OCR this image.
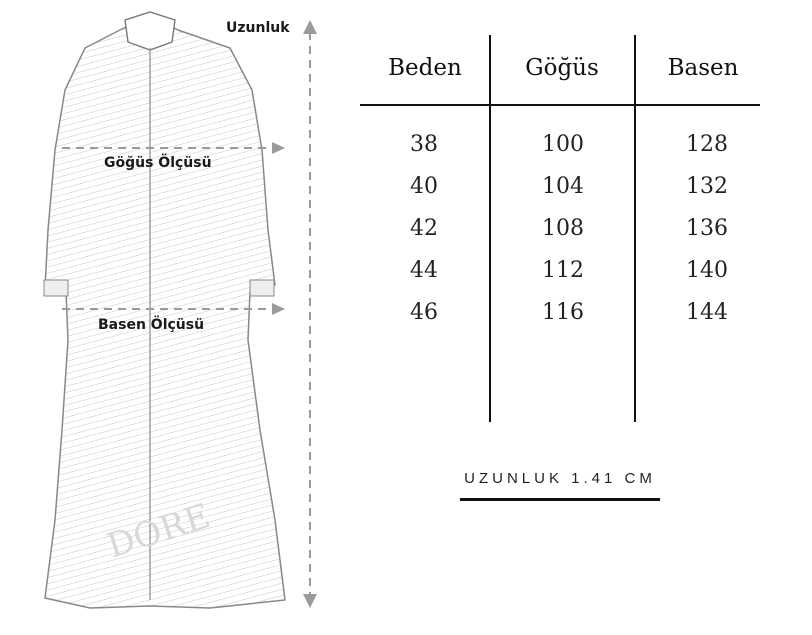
DORE
Uzunluk
Göğüs Ölçüsü
Basen Ölçüsü
Beden	Göğüs	Basen
38	100	128
40	104	132
42	108	136
44	112	140
46	116	144
UZUNLUK 1.41 CM
